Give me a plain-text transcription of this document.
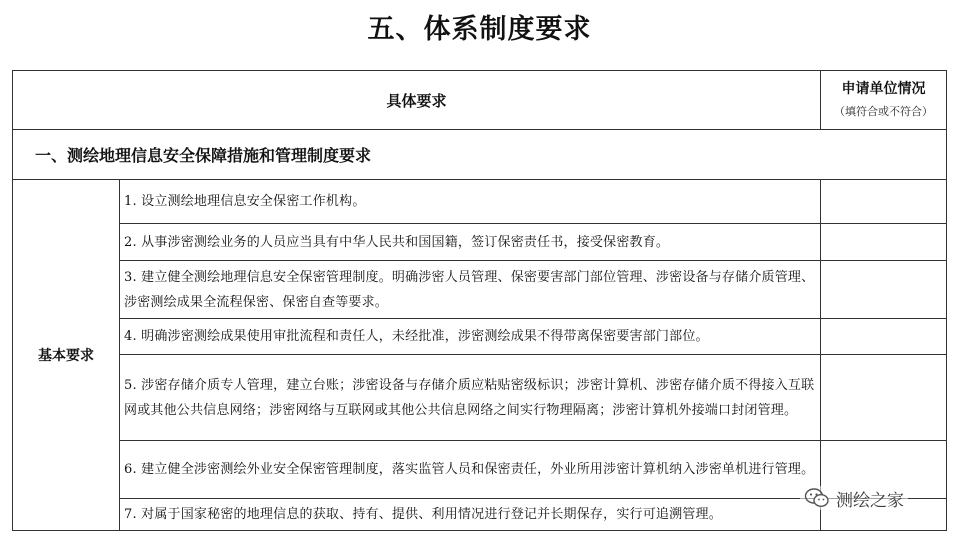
五、体系制度要求
具体要求		申请单位情况
（填符合或不符合）

一、测绘地理信息安全保障措施和管理制度要求		
基本要求	1. 设立测绘地理信息安全保密工作机构。	
	2. 从事涉密测绘业务的人员应当具有中华人民共和国国籍，签订保密责任书，接受保密教育。	
	3. 建立健全测绘地理信息安全保密管理制度。明确涉密人员管理、保密要害部门部位管理、涉密设备与存储介质管理、涉密测绘成果全流程保密、保密自查等要求。	
	4. 明确涉密测绘成果使用审批流程和责任人，未经批准，涉密测绘成果不得带离保密要害部门部位。	
	5. 涉密存储介质专人管理，建立台账；涉密设备与存储介质应粘贴密级标识；涉密计算机、涉密存储介质不得接入互联网或其他公共信息网络；涉密网络与互联网或其他公共信息网络之间实行物理隔离；涉密计算机外接端口封闭管理。	
	6. 建立健全涉密测绘外业安全保密管理制度，落实监管人员和保密责任，外业所用涉密计算机纳入涉密单机进行管理。	
	7. 对属于国家秘密的地理信息的获取、持有、提供、利用情况进行登记并长期保存，实行可追溯管理。	
测绘之家
